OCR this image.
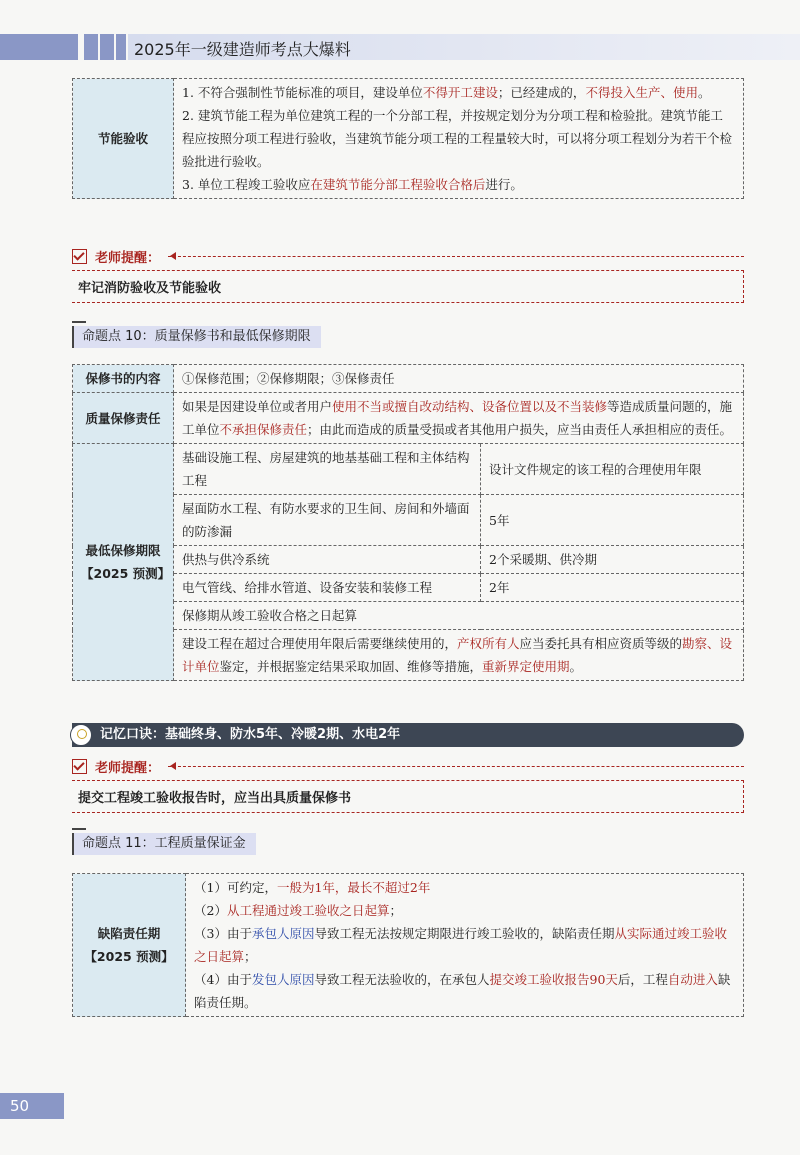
2025年一级建造师考点大爆料
节能验收	
1. 不符合强制性节能标准的项目，建设单位不得开工建设；已经建成的，不得投入生产、使用。
2. 建筑节能工程为单位建筑工程的一个分部工程，并按规定划分为分项工程和检验批。建筑节能工程应按照分项工程进行验收，当建筑节能分项工程的工程量较大时，可以将分项工程划分为若干个检验批进行验收。
3. 单位工程竣工验收应在建筑节能分部工程验收合格后进行。
老师提醒：
牢记消防验收及节能验收
命题点 10：质量保修书和最低保修期限
保修书的内容	①保修范围；②保修期限；③保修责任	
质量保修责任	如果是因建设单位或者用户使用不当或擅自改动结构、设备位置以及不当装修等造成质量问题的，施工单位不承担保修责任；由此而造成的质量受损或者其他用户损失，应当由责任人承担相应的责任。	
最低保修期限
【2025 预测】	基础设施工程、房屋建筑的地基基础工程和主体结构工程	设计文件规定的该工程的合理使用年限
	屋面防水工程、有防水要求的卫生间、房间和外墙面的防渗漏	5年
	供热与供冷系统	2个采暖期、供冷期
	电气管线、给排水管道、设备安装和装修工程	2年
	保修期从竣工验收合格之日起算	
	建设工程在超过合理使用年限后需要继续使用的，产权所有人应当委托具有相应资质等级的勘察、设计单位鉴定，并根据鉴定结果采取加固、维修等措施，重新界定使用期。	
记忆口诀：基础终身、防水5年、冷暖2期、水电2年
老师提醒：
提交工程竣工验收报告时，应当出具质量保修书
命题点 11：工程质量保证金
缺陷责任期
【2025 预测】

（1）可约定，一般为1年，最长不超过2年
（2）从工程通过竣工验收之日起算；
（3）由于承包人原因导致工程无法按规定期限进行竣工验收的，缺陷责任期从实际通过竣工验收之日起算；
（4）由于发包人原因导致工程无法验收的，在承包人提交竣工验收报告90天后，工程自动进入缺陷责任期。
50
